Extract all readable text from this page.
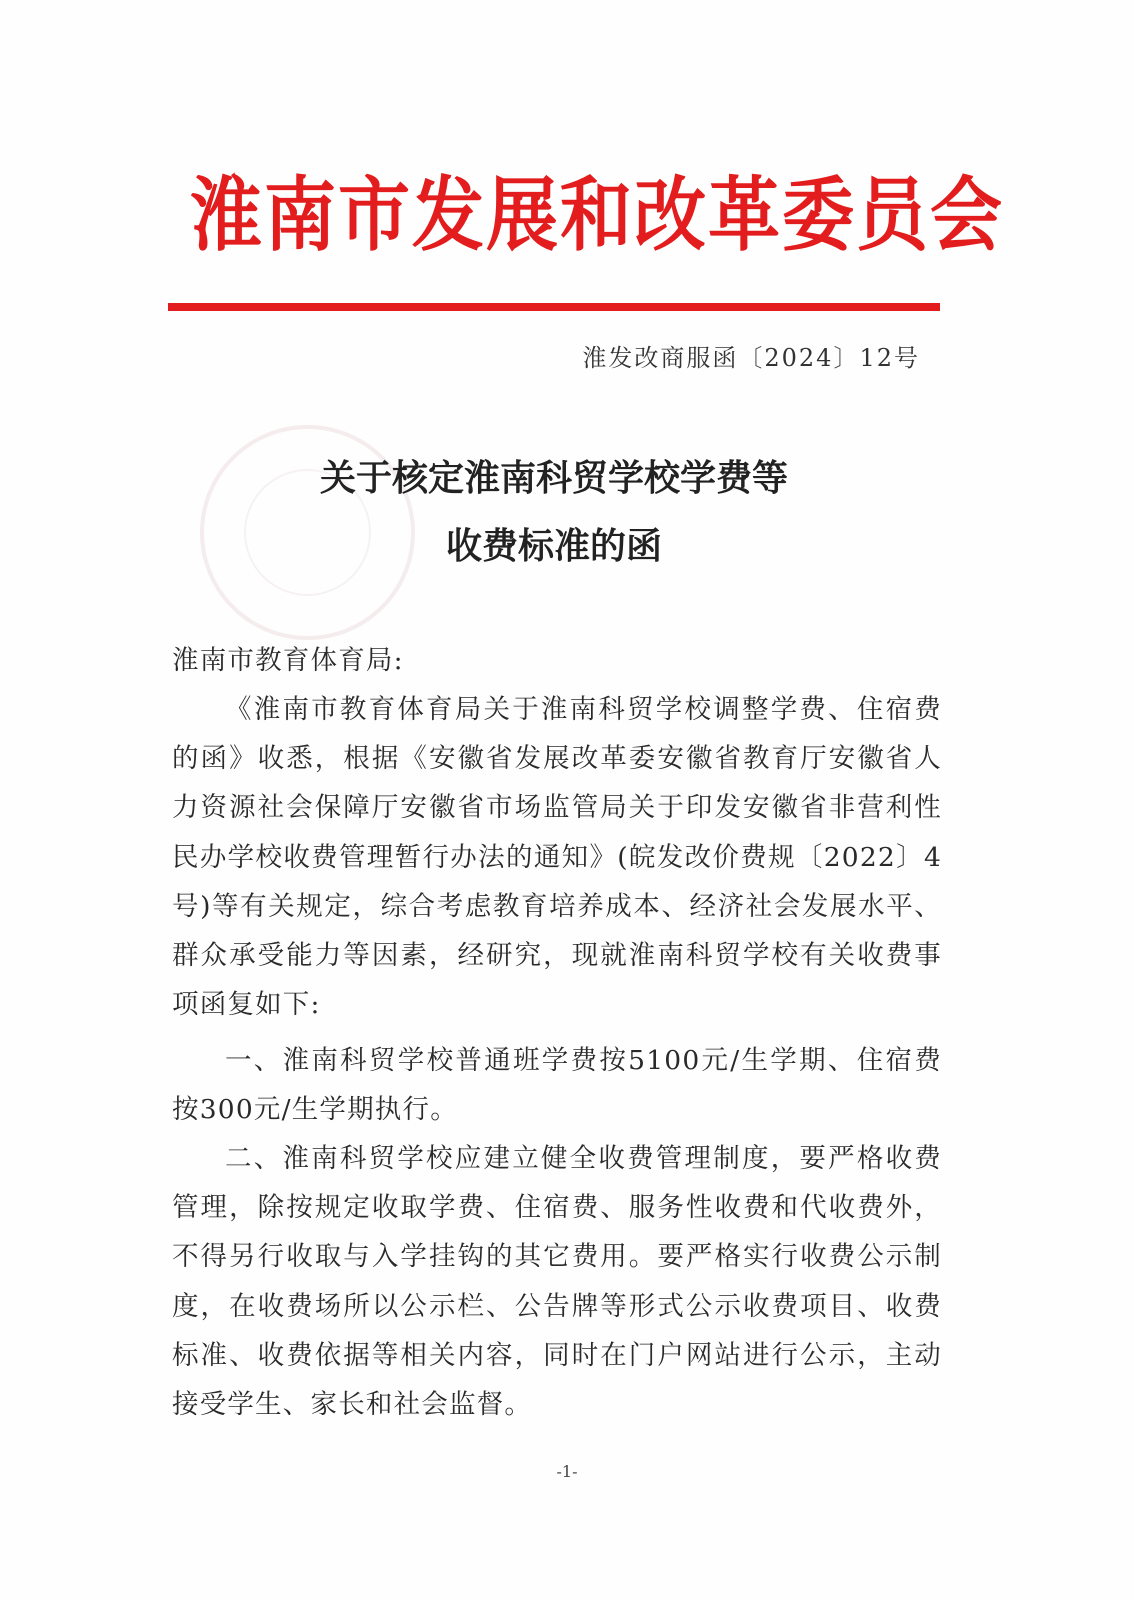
淮南市发展和改革委员会
淮发改商服函〔2024〕12号
关于核定淮南科贸学校学费等
收费标准的函
淮南市教育体育局:
《淮南市教育体育局关于淮南科贸学校调整学费、住宿费的函》收悉，根据《安徽省发展改革委安徽省教育厅安徽省人力资源社会保障厅安徽省市场监管局关于印发安徽省非营利性民办学校收费管理暂行办法的通知》(皖发改价费规〔2022〕4号)等有关规定，综合考虑教育培养成本、经济社会发展水平、群众承受能力等因素，经研究，现就淮南科贸学校有关收费事项函复如下:
一、淮南科贸学校普通班学费按5100元/生学期、住宿费按300元/生学期执行。
二、淮南科贸学校应建立健全收费管理制度，要严格收费管理，除按规定收取学费、住宿费、服务性收费和代收费外，不得另行收取与入学挂钩的其它费用。要严格实行收费公示制度，在收费场所以公示栏、公告牌等形式公示收费项目、收费标准、收费依据等相关内容，同时在门户网站进行公示，主动接受学生、家长和社会监督。
-1-
